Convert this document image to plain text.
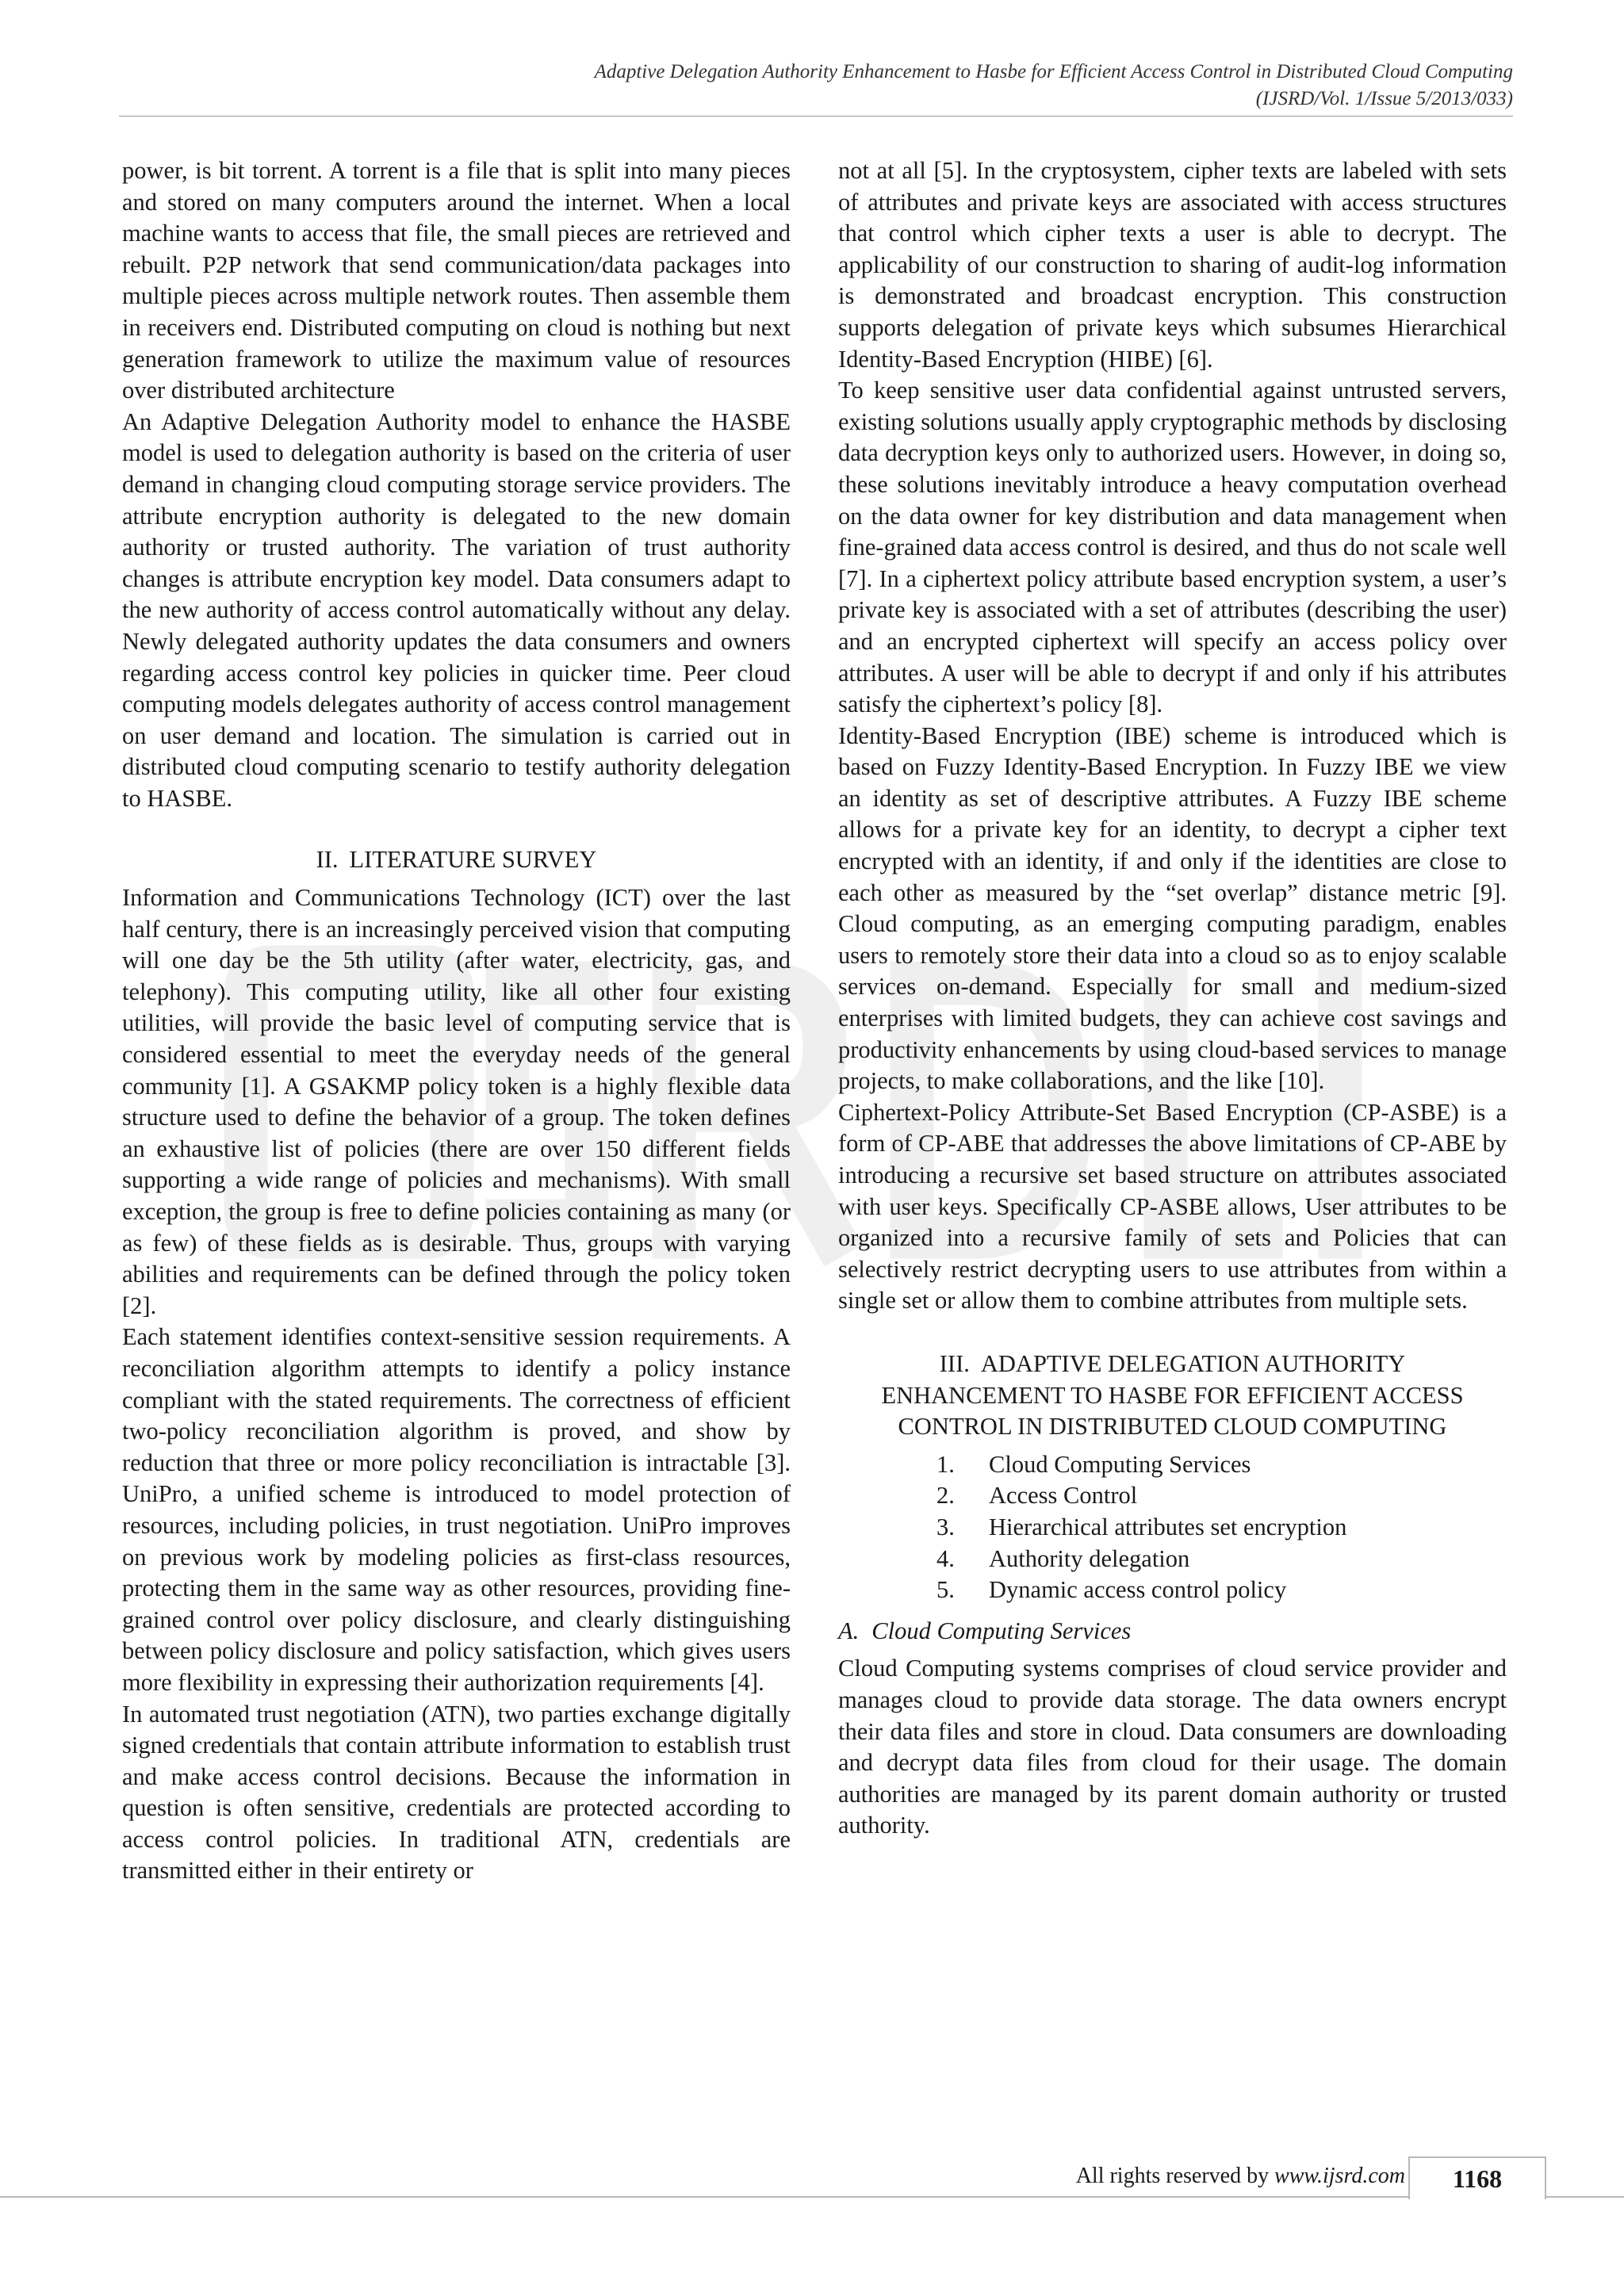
Adaptive Delegation Authority Enhancement to Hasbe for Efficient Access Control in Distributed Cloud Computing
(IJSRD/Vol. 1/Issue 5/2013/033)

power, is bit torrent. A torrent is a file that is split into many pieces and stored on many computers around the internet. When a local machine wants to access that file, the small pieces are retrieved and rebuilt. P2P network that send communication/data packages into multiple pieces across multiple network routes. Then assemble them in receivers end. Distributed computing on cloud is nothing but next generation framework to utilize the maximum value of resources over distributed architecture

An Adaptive Delegation Authority model to enhance the HASBE model is used to delegation authority is based on the criteria of user demand in changing cloud computing storage service providers. The attribute encryption authority is delegated to the new domain authority or trusted authority. The variation of trust authority changes is attribute encryption key model. Data consumers adapt to the new authority of access control automatically without any delay. Newly delegated authority updates the data consumers and owners regarding access control key policies in quicker time. Peer cloud computing models delegates authority of access control management on user demand and location. The simulation is carried out in distributed cloud computing scenario to testify authority delegation to HASBE.

II. LITERATURE SURVEY

Information and Communications Technology (ICT) over the last half century, there is an increasingly perceived vision that computing will one day be the 5th utility (after water, electricity, gas, and telephony). This computing utility, like all other four existing utilities, will provide the basic level of computing service that is considered essential to meet the everyday needs of the general community [1]. A GSAKMP policy token is a highly flexible data structure used to define the behavior of a group. The token defines an exhaustive list of policies (there are over 150 different fields supporting a wide range of policies and mechanisms). With small exception, the group is free to define policies containing as many (or as few) of these fields as is desirable. Thus, groups with varying abilities and requirements can be defined through the policy token [2].

Each statement identifies context-sensitive session requirements. A reconciliation algorithm attempts to identify a policy instance compliant with the stated requirements. The correctness of efficient two-policy reconciliation algorithm is proved, and show by reduction that three or more policy reconciliation is intractable [3]. UniPro, a unified scheme is introduced to model protection of resources, including policies, in trust negotiation. UniPro improves on previous work by modeling policies as first-class resources, protecting them in the same way as other resources, providing fine-grained control over policy disclosure, and clearly distinguishing between policy disclosure and policy satisfaction, which gives users more flexibility in expressing their authorization requirements [4].

In automated trust negotiation (ATN), two parties exchange digitally signed credentials that contain attribute information to establish trust and make access control decisions. Because the information in question is often sensitive, credentials are protected according to access control policies. In traditional ATN, credentials are transmitted either in their entirety or

not at all [5]. In the cryptosystem, cipher texts are labeled with sets of attributes and private keys are associated with access structures that control which cipher texts a user is able to decrypt. The applicability of our construction to sharing of audit-log information is demonstrated and broadcast encryption. This construction supports delegation of private keys which subsumes Hierarchical Identity-Based Encryption (HIBE) [6].

To keep sensitive user data confidential against untrusted servers, existing solutions usually apply cryptographic methods by disclosing data decryption keys only to authorized users. However, in doing so, these solutions inevitably introduce a heavy computation overhead on the data owner for key distribution and data management when fine-grained data access control is desired, and thus do not scale well [7]. In a ciphertext policy attribute based encryption system, a user’s private key is associated with a set of attributes (describing the user) and an encrypted ciphertext will specify an access policy over attributes. A user will be able to decrypt if and only if his attributes satisfy the ciphertext’s policy [8].

Identity-Based Encryption (IBE) scheme is introduced which is based on Fuzzy Identity-Based Encryption. In Fuzzy IBE we view an identity as set of descriptive attributes. A Fuzzy IBE scheme allows for a private key for an identity, to decrypt a cipher text encrypted with an identity, if and only if the identities are close to each other as measured by the “set overlap” distance metric [9]. Cloud computing, as an emerging computing paradigm, enables users to remotely store their data into a cloud so as to enjoy scalable services on-demand. Especially for small and medium-sized enterprises with limited budgets, they can achieve cost savings and productivity enhancements by using cloud-based services to manage projects, to make collaborations, and the like [10].

Ciphertext-Policy Attribute-Set Based Encryption (CP-ASBE) is a form of CP-ABE that addresses the above limitations of CP-ABE by introducing a recursive set based structure on attributes associated with user keys. Specifically CP-ASBE allows, User attributes to be organized into a recursive family of sets and Policies that can selectively restrict decrypting users to use attributes from within a single set or allow them to combine attributes from multiple sets.

III. ADAPTIVE DELEGATION AUTHORITY
ENHANCEMENT TO HASBE FOR EFFICIENT ACCESS
CONTROL IN DISTRIBUTED CLOUD COMPUTING

1. Cloud Computing Services
2. Access Control
3. Hierarchical attributes set encryption
4. Authority delegation
5. Dynamic access control policy

A. Cloud Computing Services

Cloud Computing systems comprises of cloud service provider and manages cloud to provide data storage. The data owners encrypt their data files and store in cloud. Data consumers are downloading and decrypt data files from cloud for their usage. The domain authorities are managed by its parent domain authority or trusted authority.

All rights reserved by www.ijsrd.com	1168
